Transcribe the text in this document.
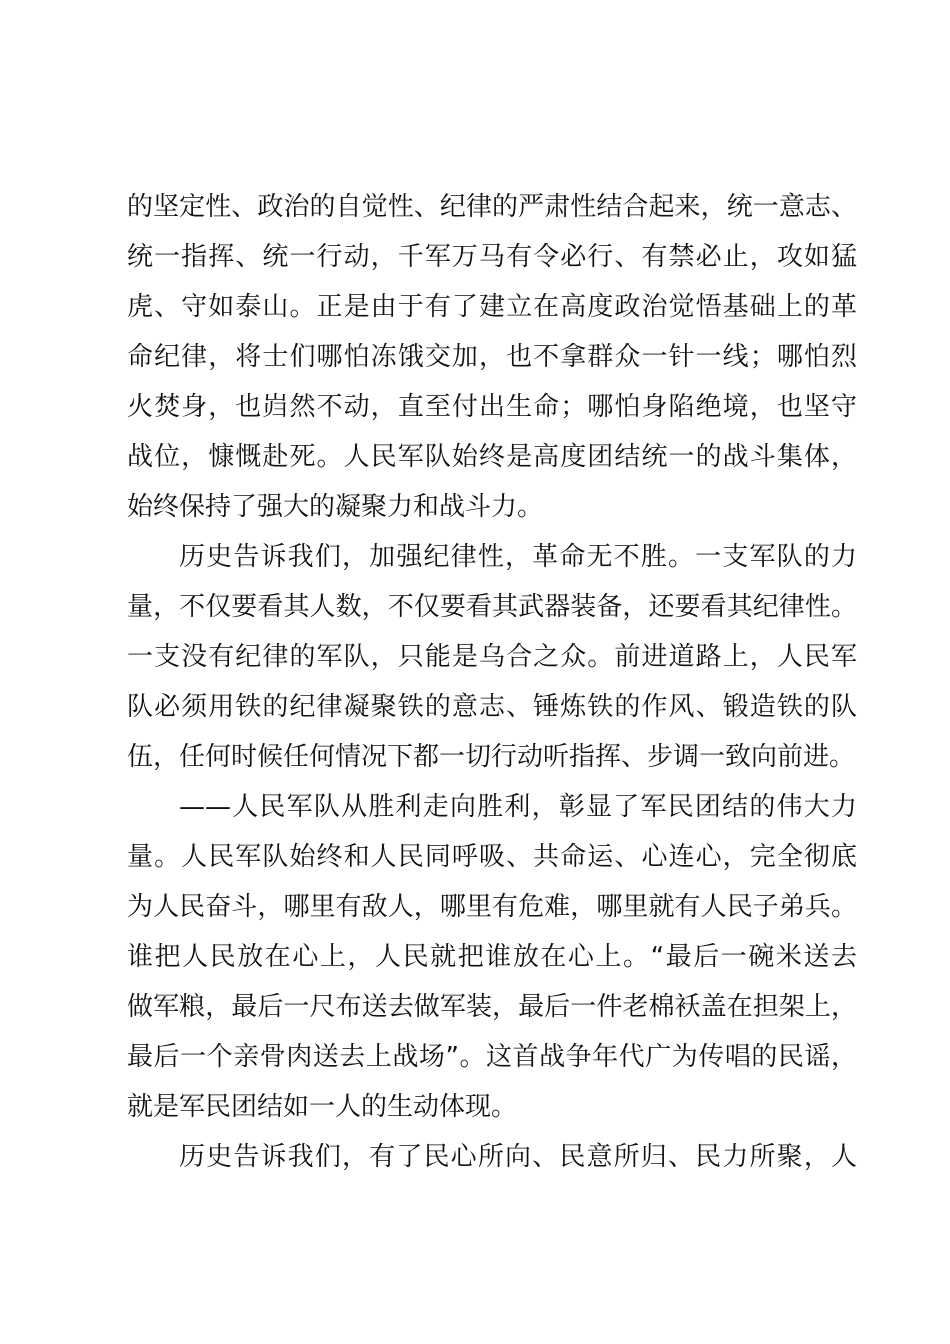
的坚定性、政治的自觉性、纪律的严肃性结合起来，统一意志、
统一指挥、统一行动，千军万马有令必行、有禁必止，攻如猛
虎、守如泰山。正是由于有了建立在高度政治觉悟基础上的革
命纪律，将士们哪怕冻饿交加，也不拿群众一针一线；哪怕烈
火焚身，也岿然不动，直至付出生命；哪怕身陷绝境，也坚守
战位，慷慨赴死。人民军队始终是高度团结统一的战斗集体，
始终保持了强大的凝聚力和战斗力。
历史告诉我们，加强纪律性，革命无不胜。一支军队的力
量，不仅要看其人数，不仅要看其武器装备，还要看其纪律性。
一支没有纪律的军队，只能是乌合之众。前进道路上，人民军
队必须用铁的纪律凝聚铁的意志、锤炼铁的作风、锻造铁的队
伍，任何时候任何情况下都一切行动听指挥、步调一致向前进。
——人民军队从胜利走向胜利，彰显了军民团结的伟大力
量。人民军队始终和人民同呼吸、共命运、心连心，完全彻底
为人民奋斗，哪里有敌人，哪里有危难，哪里就有人民子弟兵。
谁把人民放在心上，人民就把谁放在心上。“最后一碗米送去
做军粮，最后一尺布送去做军装，最后一件老棉袄盖在担架上，
最后一个亲骨肉送去上战场”。这首战争年代广为传唱的民谣，
就是军民团结如一人的生动体现。
历史告诉我们，有了民心所向、民意所归、民力所聚，人
